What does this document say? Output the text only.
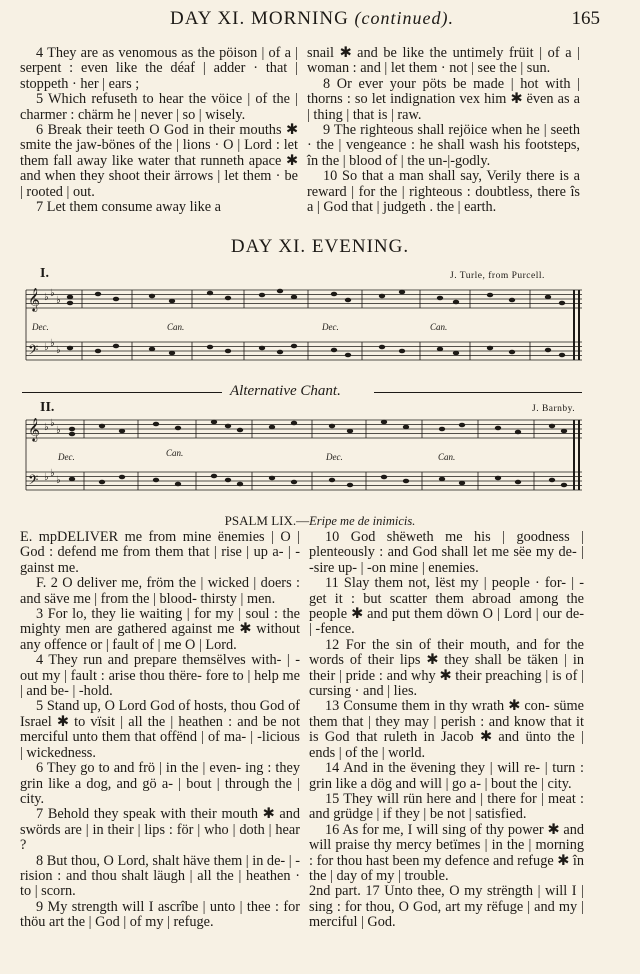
DAY XI. MORNING (continued).	165

4 They are as venomous as the pöison | of a | serpent : even like the déaf | adder · that | stoppeth · her | ears ;

5 Which refuseth to hear the vöice | of the | charmer : chärm he | never | so | wisely.

6 Break their teeth O God in their mouths ✱ smite the jaw-bönes of the | lions · O | Lord : let them fall away like water that runneth apace ✱ and when they shoot their ärrows | let them · be | rooted | out.

7 Let them consume away like a

snail ✱ and be like the untimely früit | of a | woman : and | let them · not | see the | sun.

8 Or ever your pöts be made | hot with | thorns : so let indignation vex him ✱ ëven as a | thing | that is | raw.

9 The righteous shall rejöice when he | seeth · the | vengeance : he shall wash his footsteps, în the | blood of | the un-|-godly.

10 So that a man shall say, Verily there is a reward | for the | righteous : doubtless, there îs a | God that | judgeth . the | earth.

DAY XI. EVENING.
I.	J. Turle, from Purcell.
𝄞
𝄢
♭ ♭
♭
♭ ♭
♭
Dec.	Can.	Dec.	Can.
Alternative Chant.
II.	J. Barnby.
𝄞
𝄢
♭ ♭
♭
♭ ♭
♭
Dec.	Can.	Dec.	Can.
PSALM LIX.—Eripe me de inimicis.

E. mpDELIVER me from mine ënemies | O | God : defend me from them that | rise | up a- | -gainst me.

F. 2 O deliver me, fröm the | wicked | doers : and säve me | from the | blood- thirsty | men.

3 For lo, they lie waiting | for my | soul : the mighty men are gathered against me ✱ without any offence or | fault of | me O | Lord.

4 They run and prepare themsëlves with- | -out my | fault : arise thou thëre- fore to | help me | and be- | -hold.

5 Stand up, O Lord God of hosts, thou God of Israel ✱ to vïsit | all the | heathen : and be not merciful unto them that offënd | of ma- | -licious | wickedness.

6 They go to and frö | in the | even- ing : they grin like a dog, and gö a- | bout | through the | city.

7 Behold they speak with their mouth ✱ and swörds are | in their | lips : för | who | doth | hear ?

8 But thou, O Lord, shalt häve them | in de- | -rision : and thou shalt läugh | all the | heathen · to | scorn.

9 My strength will I ascrîbe | unto | thee : for thöu art the | God | of my | refuge.

10 God shëweth me his | goodness | plenteously : and God shall let me sëe my de- | -sire up- | -on mine | enemies.

11 Slay them not, lëst my | people · for- | -get it : but scatter them abroad among the people ✱ and put them döwn O | Lord | our de- | -fence.

12 For the sin of their mouth, and for the words of their lips ✱ they shall be täken | in their | pride : and why ✱ their preaching | is of | cursing · and | lies.

13 Consume them in thy wrath ✱ con- süme them that | they may | perish : and know that it is God that ruleth in Jacob ✱ and ünto the | ends | of the | world.

14 And in the ëvening they | will re- | turn : grin like a dög and will | go a- | bout the | city.

15 They will rün here and | there for | meat : and grüdge | if they | be not | satisfied.

16 As for me, I will sing of thy power ✱ and will praise thy mercy betïmes | in the | morning : for thou hast been my defence and refuge ✱ în the | day of my | trouble.

2nd part. 17 Unto thee, O my strëngth | will I | sing : for thou, O God, art my rëfuge | and my | merciful | God.
